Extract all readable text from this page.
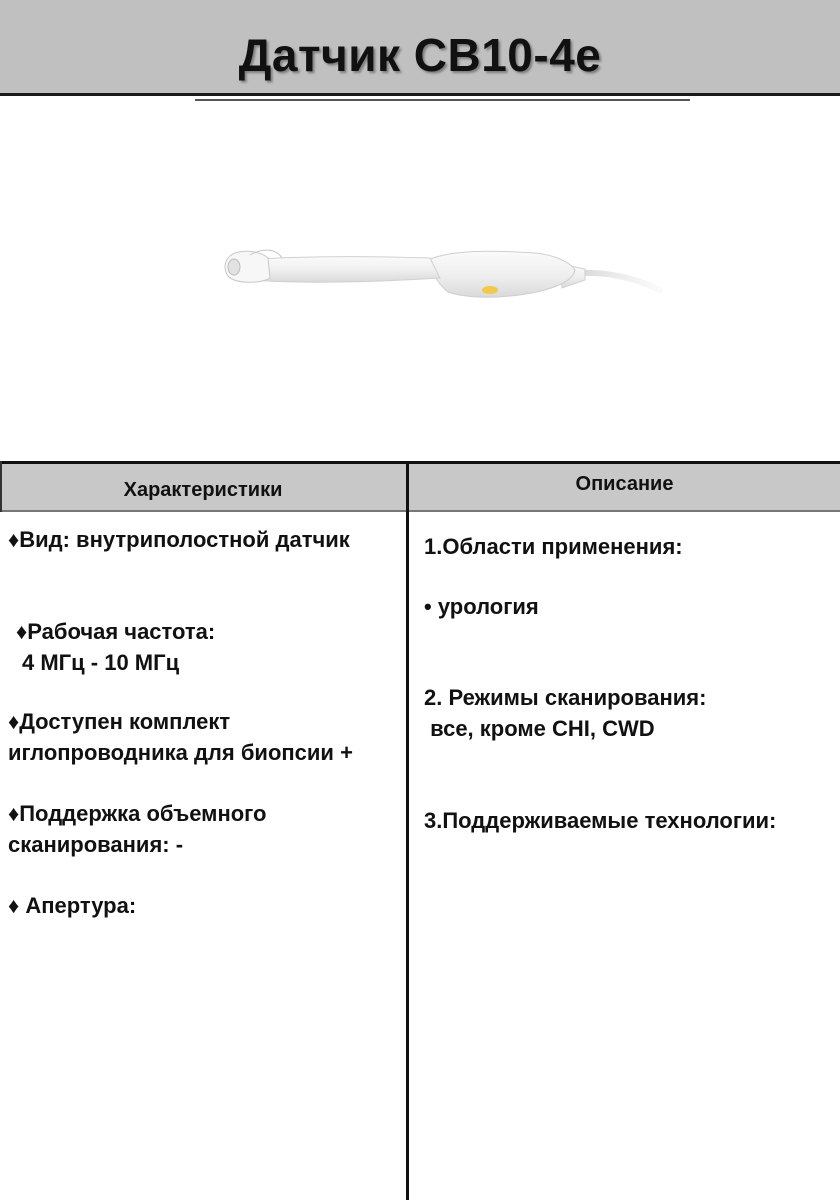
Датчик CB10-4e
Характеристики	Описание
♦Вид: внутриполостной датчик
♦Рабочая частота:
4 МГц - 10 МГц
♦Доступен комплект
иглопроводника для биопсии +
♦Поддержка объемного
сканирования: -
♦ Апертура:
1.Области применения:
• урология
2. Режимы сканирования:
все, кроме CHI, CWD
3.Поддерживаемые технологии:
